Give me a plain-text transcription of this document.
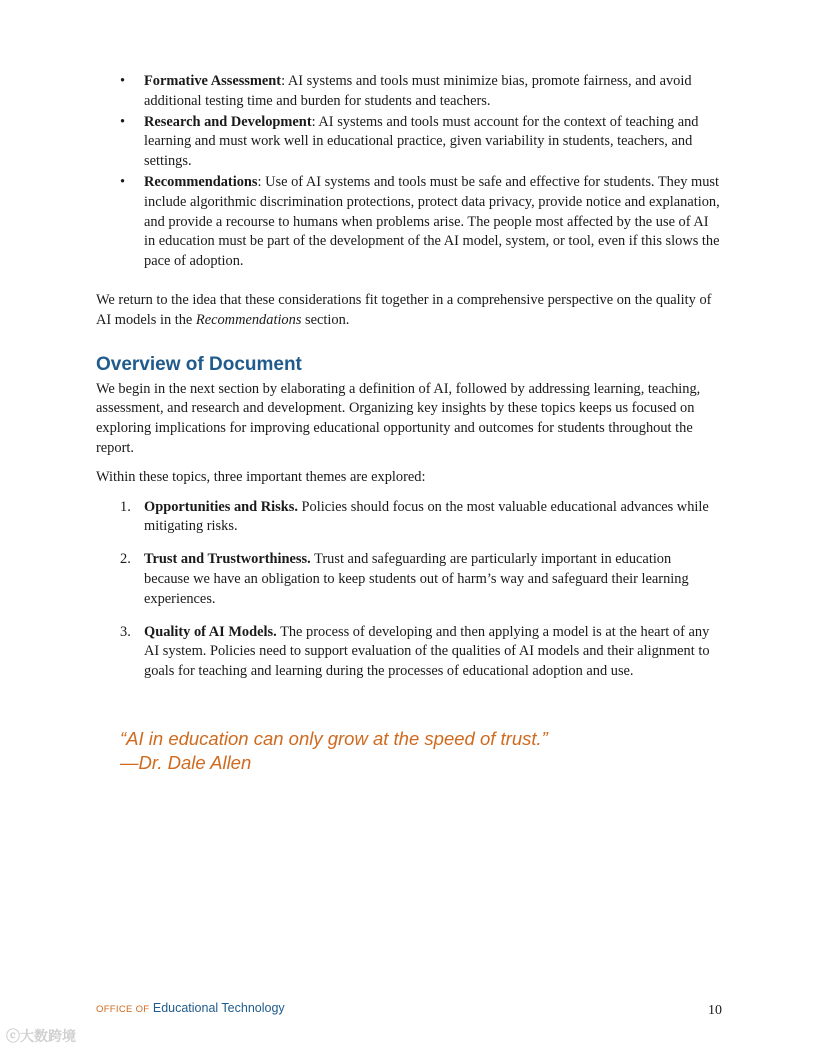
• Formative Assessment: AI systems and tools must minimize bias, promote fairness, and avoid additional testing time and burden for students and teachers.
• Research and Development: AI systems and tools must account for the context of teaching and learning and must work well in educational practice, given variability in students, teachers, and settings.
• Recommendations: Use of AI systems and tools must be safe and effective for students. They must include algorithmic discrimination protections, protect data privacy, provide notice and explanation, and provide a recourse to humans when problems arise. The people most affected by the use of AI in education must be part of the development of the AI model, system, or tool, even if this slows the pace of adoption.

We return to the idea that these considerations fit together in a comprehensive perspective on the quality of AI models in the Recommendations section.

Overview of Document

We begin in the next section by elaborating a definition of AI, followed by addressing learning, teaching, assessment, and research and development. Organizing key insights by these topics keeps us focused on exploring implications for improving educational opportunity and outcomes for students throughout the report.

Within these topics, three important themes are explored:

1. Opportunities and Risks. Policies should focus on the most valuable educational advances while mitigating risks.
2. Trust and Trustworthiness. Trust and safeguarding are particularly important in education because we have an obligation to keep students out of harm’s way and safeguard their learning experiences.
3. Quality of AI Models. The process of developing and then applying a model is at the heart of any AI system. Policies need to support evaluation of the qualities of AI models and their alignment to goals for teaching and learning during the processes of educational adoption and use.
“AI in education can only grow at the speed of trust.”
—Dr. Dale Allen
OFFICE OF Educational Technology	10
ⓒ大数跨境
